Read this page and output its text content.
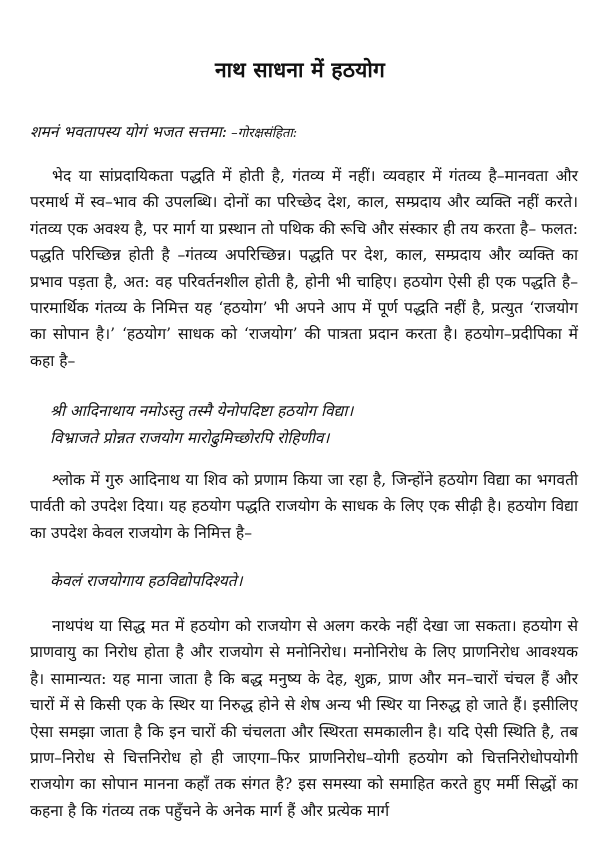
नाथ साधना में हठयोग
शमनं भवतापस्य योगं भजत सत्तमा: –गोरक्षसंहिता:
भेद या सांप्रदायिकता पद्धति में होती है, गंतव्य में नहीं। व्यवहार में गंतव्य है–मानवता और परमार्थ में स्व–भाव की उपलब्धि। दोनों का परिच्छेद देश, काल, सम्प्रदाय और व्यक्ति नहीं करते। गंतव्य एक अवश्य है, पर मार्ग या प्रस्थान तो पथिक की रूचि और संस्कार ही तय करता है– फलत: पद्धति परिच्छिन्न होती है –गंतव्य अपरिच्छिन्न। पद्धति पर देश, काल, सम्प्रदाय और व्यक्ति का प्रभाव पड़ता है, अत: वह परिवर्तनशील होती है, होनी भी चाहिए। हठयोग ऐसी ही एक पद्धति है– पारमार्थिक गंतव्य के निमित्त यह ‘हठयोग’ भी अपने आप में पूर्ण पद्धति नहीं है, प्रत्युत ‘राजयोग का सोपान है।’ ‘हठयोग’ साधक को ‘राजयोग’ की पात्रता प्रदान करता है। हठयोग–प्रदीपिका में कहा है–
श्री आदिनाथाय नमोऽस्तु तस्मै येनोपदिष्टा हठयोग विद्या।
विभ्राजते प्रोन्नत राजयोग मारोढुमिच्छोरपि रोहिणीव।
श्लोक में गुरु आदिनाथ या शिव को प्रणाम किया जा रहा है, जिन्होंने हठयोग विद्या का भगवती पार्वती को उपदेश दिया। यह हठयोग पद्धति राजयोग के साधक के लिए एक सीढ़ी है। हठयोग विद्या का उपदेश केवल राजयोग के निमित्त है–
केवलं राजयोगाय हठविद्योपदिश्यते।
नाथपंथ या सिद्ध मत में हठयोग को राजयोग से अलग करके नहीं देखा जा सकता। हठयोग से प्राणवायु का निरोध होता है और राजयोग से मनोनिरोध। मनोनिरोध के लिए प्राणनिरोध आवश्यक है। सामान्यत: यह माना जाता है कि बद्ध मनुष्य के देह, शुक्र, प्राण और मन–चारों चंचल हैं और चारों में से किसी एक के स्थिर या निरुद्ध होने से शेष अन्य भी स्थिर या निरुद्ध हो जाते हैं। इसीलिए ऐसा समझा जाता है कि इन चारों की चंचलता और स्थिरता समकालीन है। यदि ऐसी स्थिति है, तब प्राण–निरोध से चित्तनिरोध हो ही जाएगा–फिर प्राणनिरोध–योगी हठयोग को चित्तनिरोधोपयोगी राजयोग का सोपान मानना कहाँ तक संगत है? इस समस्या को समाहित करते हुए मर्मी सिद्धों का कहना है कि गंतव्य तक पहुँचने के अनेक मार्ग हैं और प्रत्येक मार्ग
